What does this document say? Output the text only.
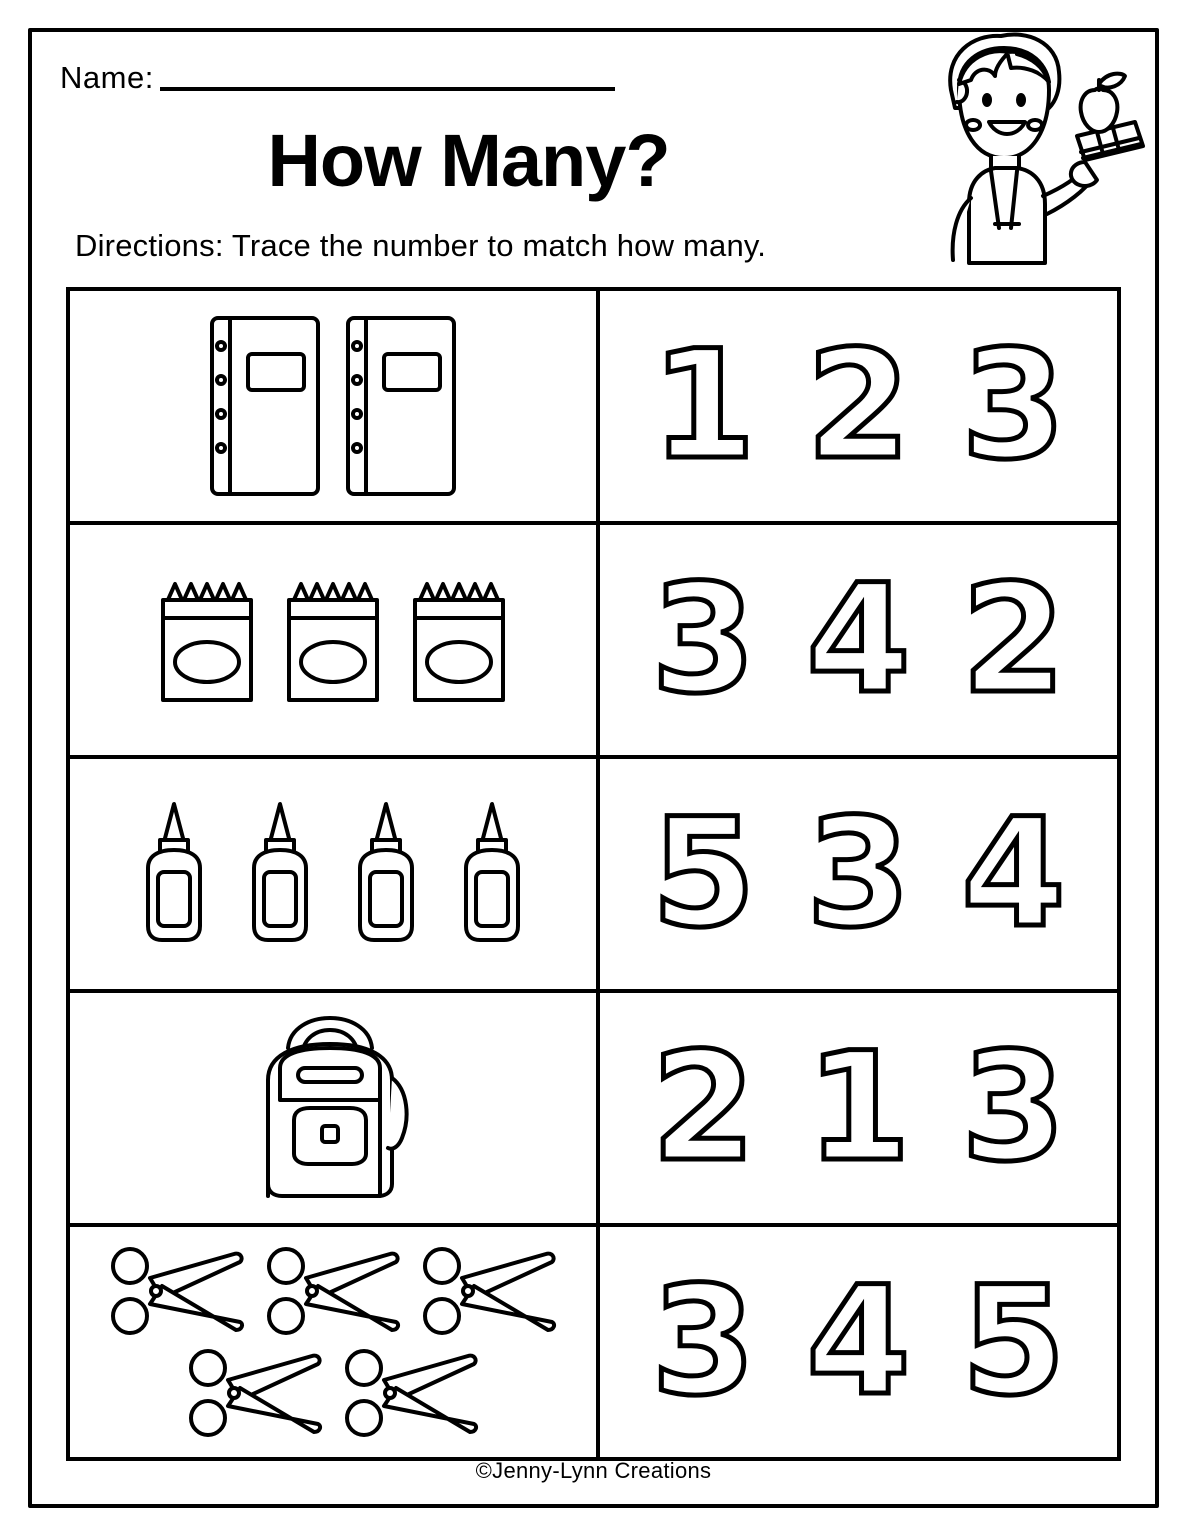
Name:
How Many?
Directions: Trace the number to match how many.
1 2 3
3 4 2
5 3 4
2 1 3
3 4 5
©Jenny-Lynn Creations
